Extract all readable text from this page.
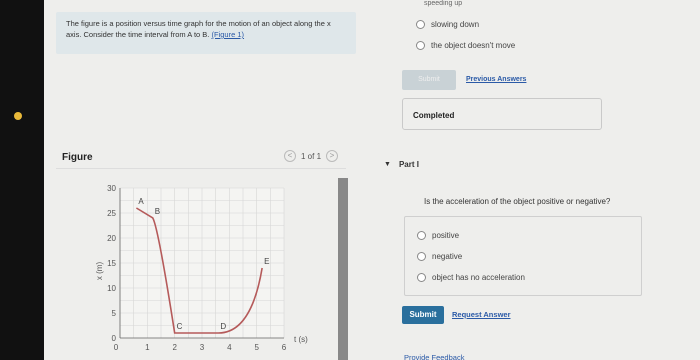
The figure is a position versus time graph for the motion of an object along the x axis. Consider the time interval from A to B. (Figure 1)
Figure	<	1 of 1	>
30
25
20
15
10
5
0
0	1	2	3	4	5	6
x (m)
t (s)
A
B
C	D
E
speeding up
slowing down
the object doesn't move
Submit	Previous Answers
Completed
▼ Part I
Is the acceleration of the object positive or negative?
positive
negative
object has no acceleration
Submit	Request Answer
Provide Feedback
